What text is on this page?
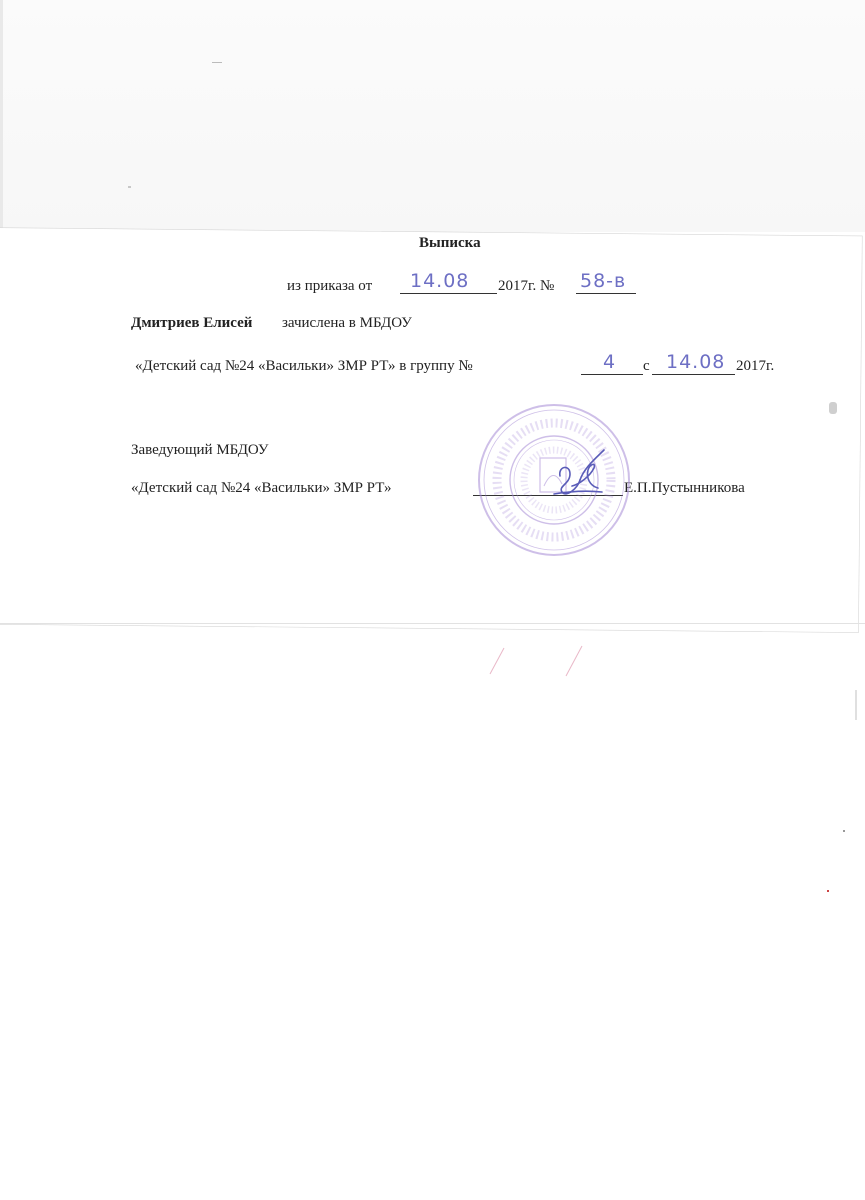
Выписка
из приказа от 14.08 2017г. № 58-в
Дмитриев Елисей зачислена в МБДОУ
«Детский сад №24 «Васильки» ЗМР РТ» в группу №	4 с 14.08 2017г.
Заведующий МБДОУ
«Детский сад №24 «Васильки» ЗМР РТ»	Е.П.Пустынникова
